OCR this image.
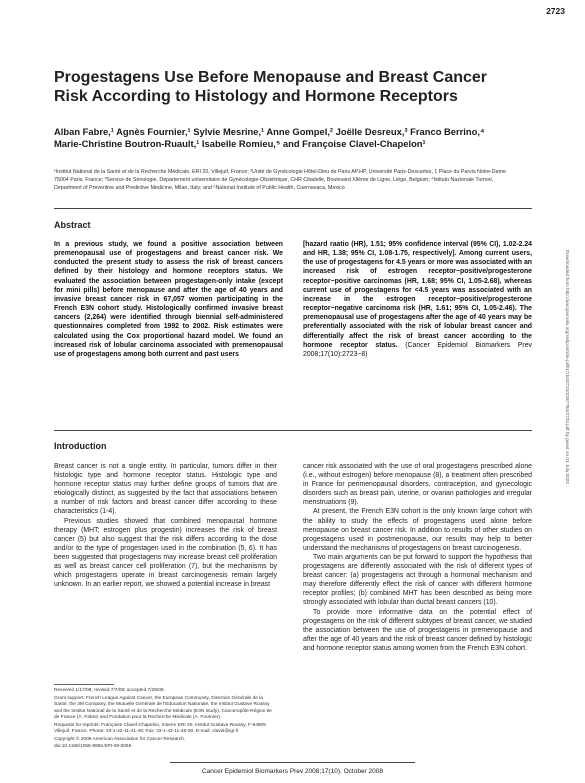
2723
Progestagens Use Before Menopause and Breast Cancer Risk According to Histology and Hormone Receptors
Alban Fabre,¹ Agnès Fournier,¹ Sylvie Mesrine,¹ Anne Gompel,² Joëlle Desreux,³ Franco Berrino,⁴ Marie-Christine Boutron-Ruault,¹ Isabelle Romieu,⁵ and Françoise Clavel-Chapelon¹
¹Institut National de la Santé et de la Recherche Médicale, ERI 20, Villejuif, France; ²Unité de Gynécologie Hôtel-Dieu de Paris AP.HP, Université Paris-Descartes, 1 Place du Parvis Notre-Dame 75004 Paris, France; ³Service de Sénologie, Département universitaire de Gynécologie-Obstétrique, CHR Citadelle, Boulevard Xllème de Ligne, Liège, Belgium; ⁴Istituto Nazionale Tumori, Department of Preventive and Predictive Medicine, Milan, Italy; and ⁵National Institute of Public Health, Cuernavaca, Mexico
Abstract
In a previous study, we found a positive association between premenopausal use of progestagens and breast cancer risk. We conducted the present study to assess the risk of breast cancers defined by their histology and hormone receptors status. We evaluated the association between progestagen-only intake (except for mini pills) before menopause and after the age of 40 years and invasive breast cancer risk in 67,057 women participating in the French E3N cohort study. Histologically confirmed invasive breast cancers (2,264) were identified through biennial self-administered questionnaires completed from 1992 to 2002. Risk estimates were calculated using the Cox proportional hazard model. We found an increased risk of lobular carcinoma associated with premenopausal use of progestagens among both current and past users
[hazard raatio (HR), 1.51; 95% confidence interval (95% CI), 1.02-2.24 and HR, 1.38; 95% CI, 1.08-1.75, respectively]. Among current users, the use of progestagens for 4.5 years or more was associated with an increased risk of estrogen receptor−positive/progesterone receptor−positive carcinomas (HR, 1.68; 95% CI, 1.05-2.68), whereas current use of progestagens for <4.5 years was associated with an increase in the estrogen receptor−positive/progesterone receptor−negative carcinoma risk (HR, 1.61; 95% CI, 1.05-2.46). The premenopausal use of progestagens after the age of 40 years may be preferentially associated with the risk of lobular breast cancer and differentially affect the risk of breast cancer according to the hormone receptor status. (Cancer Epidemiol Biomarkers Prev 2008;17(10):2723−8)
Introduction

Breast cancer is not a single entity. In particular, tumors differ in their histologic type and hormone receptor status. Histologic type and hormone receptor status may further define groups of tumors that are etiologically distinct, as suggested by the fact that associations between a number of risk factors and breast cancer differ according to these characteristics (1-4).

Previous studies showed that combined menopausal hormone therapy (MHT; estrogen plus progestin) increases the risk of breast cancer (5) but also suggest that the risk differs according to the dose and/or to the type of progestagen used in the combination (5, 6). It has been suggested that progestagens may increase breast cell proliferation as well as breast cancer cell proliferation (7), but the mechanisms by which progestagens operate in breast carcinogenesis remain largely unknown. In an earlier report, we showed a potential increase in breast

cancer risk associated with the use of oral progestagens prescribed alone (i.e., without estrogen) before menopause (8), a treatment often prescribed in France for perimenopausal disorders, contraception, and gynecologic disorders such as breast pain, uterine, or ovarian pathologies and irregular menstruations (9).

At present, the French E3N cohort is the only known large cohort with the ability to study the effects of progestagens used alone before menopause on breast cancer risk. In addition to results of other studies on progestagens used in postmenopause, our results may help to better understand the mechanisms of progestagens on breast carcinogenesis.

Two main arguments can be put forward to support the hypothesis that progestagens are differently associated with the risk of different types of breast cancer: (a) progestagens act through a hormonal mechanism and may therefore differently effect the risk of cancer with different hormone receptor profiles; (b) combined MHT has been described as being more strongly associated with lobular than ductal breast cancers (10).

To provide more informative data on the potential effect of progestagens on the risk of different subtypes of breast cancer, we studied the association between the use of progestagens in premenopause and after the age of 40 years and the risk of breast cancer defined by histologic and hormone receptor status among women from the French E3N cohort.

Received 1/17/08; revised 7/7/08; accepted 7/29/08.

Grant support: French League Against Cancer, the European Community, Direction Générale de la Santé, the 3M Company, the Mutuelle Générale de l'Education Nationale, the Institut Gustave Roussy and the Institut National de la Santé et de la Recherche Médicale (E3N study), Canceropôle-Région Ile de France (A. Fabre) and Fondation pour la Recherche Médicale (A. Fournier).

Requests for reprints: Françoise Clavel-Chapelon, Inserm ERI 20, Institut Gustave Roussy, F-94805 Villejuif, France. Phone: 33-1-42-11-41-48; Fax: 33-1-42-11-40-00. E-mail: clavel@igr.fr

Copyright © 2008 American Association for Cancer Research.

doi:10.1158/1055-9965.EPI-08-0056

Downloaded from http://aacrjournals.org/cebp/article-pdf/17/10/2723/2287784/2723.pdf by guest on 01 July 2022
Cancer Epidemiol Biomarkers Prev 2008;17(10). October 2008
